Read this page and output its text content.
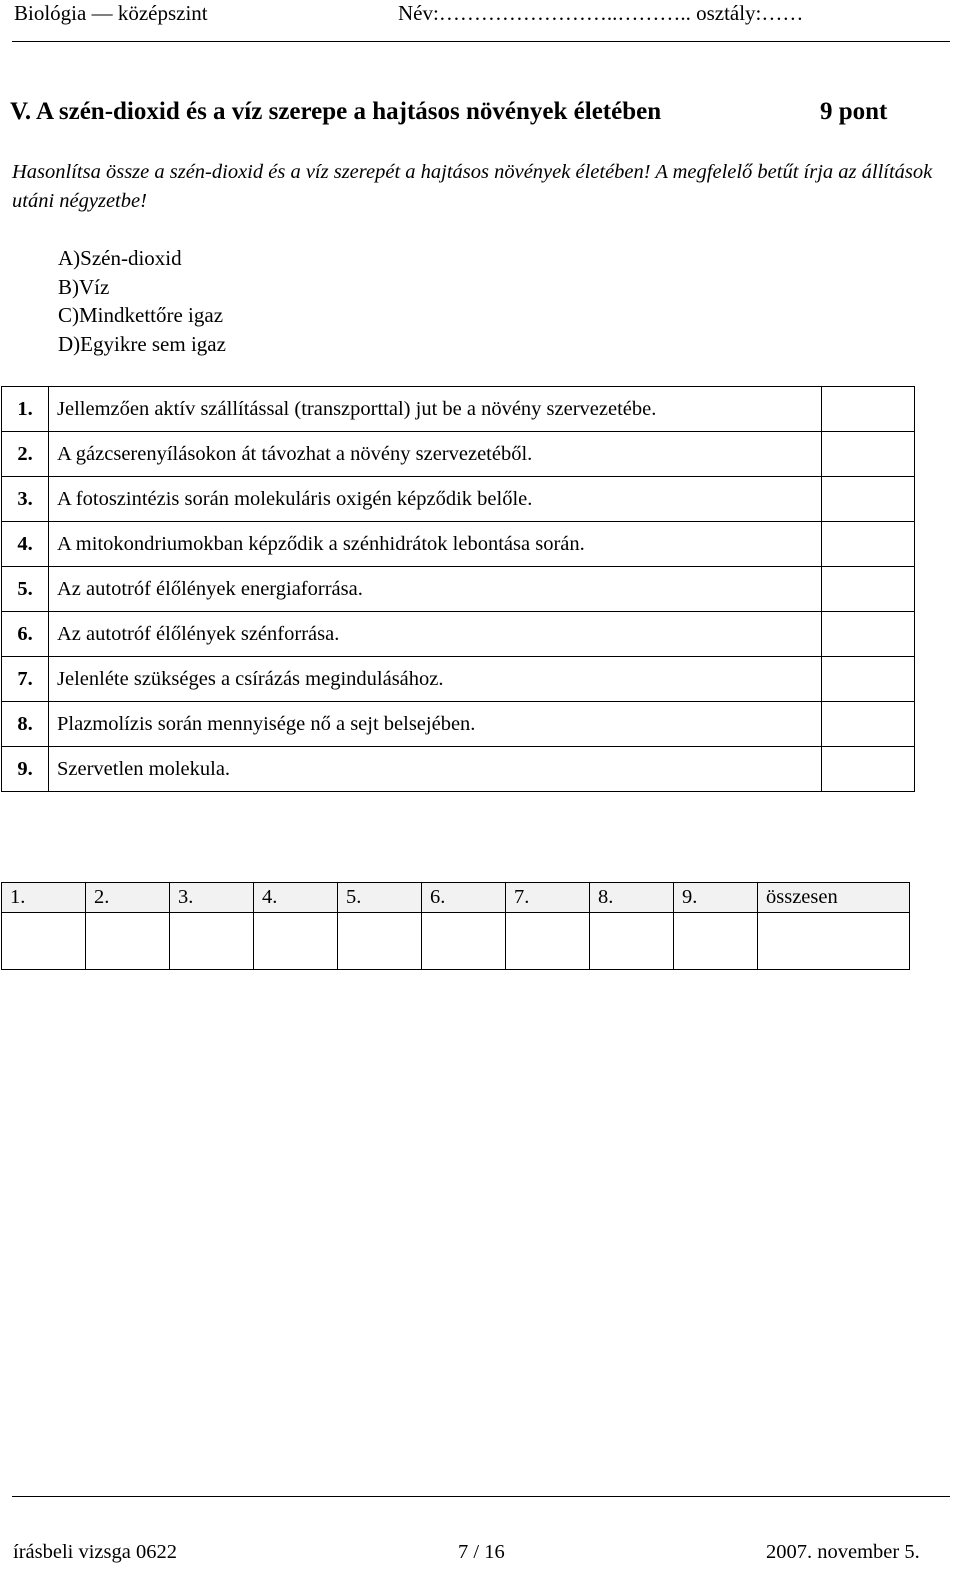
Biológia — középszint	Név:……………………..……….. osztály:……
V. A szén-dioxid és a víz szerepe a hajtásos növények életében	9 pont
Hasonlítsa össze a szén-dioxid és a víz szerepét a hajtásos növények életében! A megfelelő betűt írja az állítások utáni négyzetbe!
A)Szén-dioxid
B)Víz
C)Mindkettőre igaz
D)Egyikre sem igaz
1.	Jellemzően aktív szállítással (transzporttal) jut be a növény szervezetébe.	
2.	A gázcserenyílásokon át távozhat a növény szervezetéből.	
3.	A fotoszintézis során molekuláris oxigén képződik belőle.	
4.	A mitokondriumokban képződik a szénhidrátok lebontása során.	
5.	Az autotróf élőlények energiaforrása.	
6.	Az autotróf élőlények szénforrása.	
7.	Jelenléte szükséges a csírázás megindulásához.	
8.	Plazmolízis során mennyisége nő a sejt belsejében.	
9.	Szervetlen molekula.	
1.	2.	3.	4.	5.	6.	7.	8.	9.	összesen

írásbeli vizsga 0622	7 / 16	2007. november 5.
